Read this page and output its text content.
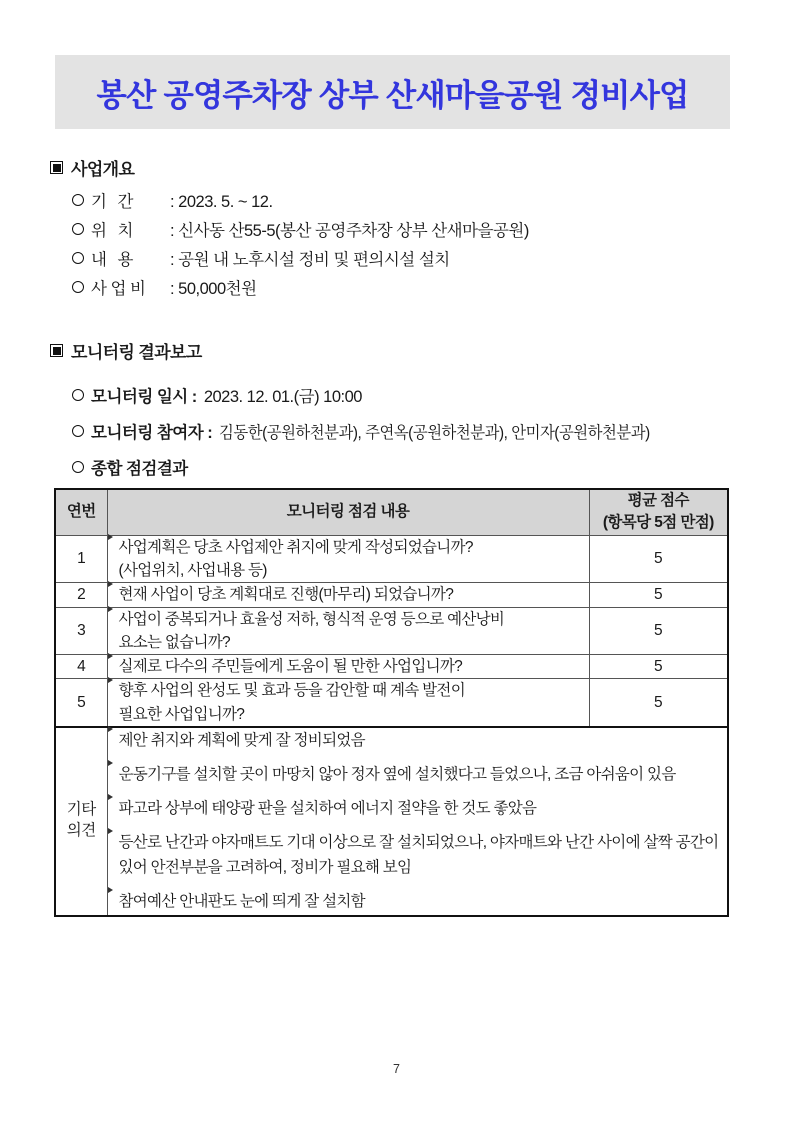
봉산 공영주차장 상부 산새마을공원 정비사업
사업개요
기 간	: 2023. 5. ~ 12.
위 치	: 신사동 산55-5(봉산 공영주차장 상부 산새마을공원)
내 용	: 공원 내 노후시설 정비 및 편의시설 설치
사 업 비	: 50,000천원
모니터링 결과보고
모니터링 일시 : 2023. 12. 01.(금) 10:00
모니터링 참여자 : 김동한(공원하천분과), 주연옥(공원하천분과), 안미자(공원하천분과)
종합 점검결과
연번	모니터링 점검 내용	평균 점수
(항목당 5점 만점)

1	사업계획은 당초 사업제안 취지에 맞게 작성되었습니까?
(사업위치, 사업내용 등)	5
2	현재 사업이 당초 계획대로 진행(마무리) 되었습니까?	5
3	사업이 중복되거나 효율성 저하, 형식적 운영 등으로 예산낭비
요소는 없습니까?	5
4	실제로 다수의 주민들에게 도움이 될 만한 사업입니까?	5
5	향후 사업의 완성도 및 효과 등을 감안할 때 계속 발전이
필요한 사업입니까?	5

기타
의견

제안 취지와 계획에 맞게 잘 정비되었음
운동기구를 설치할 곳이 마땅치 않아 정자 옆에 설치했다고 들었으나, 조금 아쉬움이 있음
파고라 상부에 태양광 판을 설치하여 에너지 절약을 한 것도 좋았음
등산로 난간과 야자매트도 기대 이상으로 잘 설치되었으나, 야자매트와 난간 사이에 살짝 공간이 있어 안전부분을 고려하여, 정비가 필요해 보임
참여예산 안내판도 눈에 띄게 잘 설치함
7
